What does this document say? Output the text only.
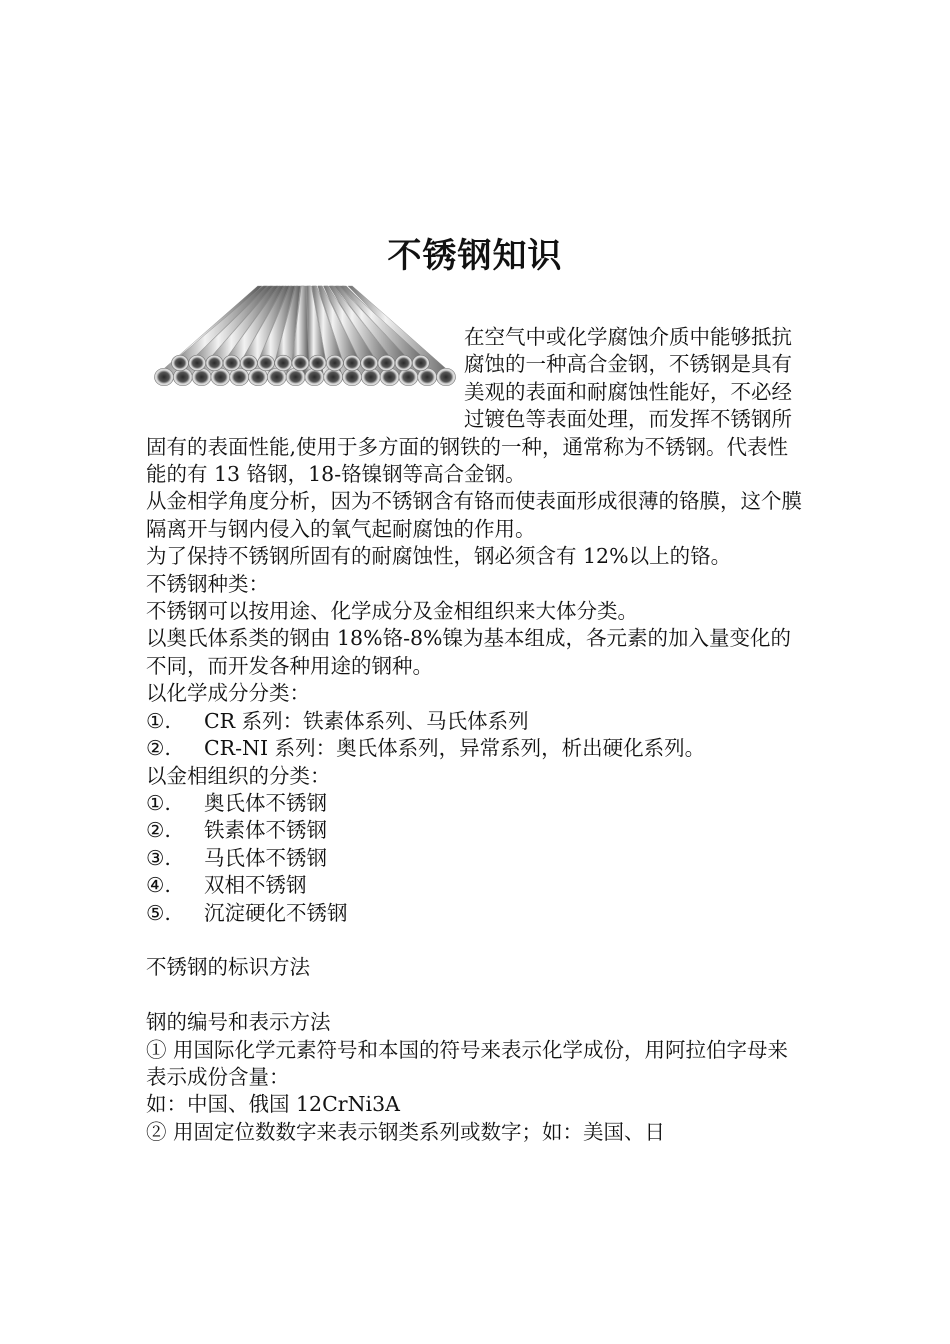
不锈钢知识

在空气中或化学腐蚀介质中能够抵抗腐蚀的一种高合金钢，不锈钢是具有美观的表面和耐腐蚀性能好，不必经过镀色等表面处理，而发挥不锈钢所固有的表面性能,使用于多方面的钢铁的一种，通常称为不锈钢。代表性能的有 13 铬钢，18-铬镍钢等高合金钢。

从金相学角度分析，因为不锈钢含有铬而使表面形成很薄的铬膜，这个膜隔离开与钢内侵入的氧气起耐腐蚀的作用。

为了保持不锈钢所固有的耐腐蚀性，钢必须含有 12%以上的铬。

不锈钢种类：

不锈钢可以按用途、化学成分及金相组织来大体分类。

以奥氏体系类的钢由 18%铬-8%镍为基本组成，各元素的加入量变化的不同，而开发各种用途的钢种。

以化学成分分类：

①.	CR 系列：铁素体系列、马氏体系列
②.	CR-NI 系列：奥氏体系列，异常系列，析出硬化系列。

以金相组织的分类：

①.	奥氏体不锈钢
②.	铁素体不锈钢
③.	马氏体不锈钢
④.	双相不锈钢
⑤.	沉淀硬化不锈钢

不锈钢的标识方法

钢的编号和表示方法

① 用国际化学元素符号和本国的符号来表示化学成份，用阿拉伯字母来表示成份含量：

如：中国、俄国 12CrNi3A

② 用固定位数数字来表示钢类系列或数字；如：美国、日
